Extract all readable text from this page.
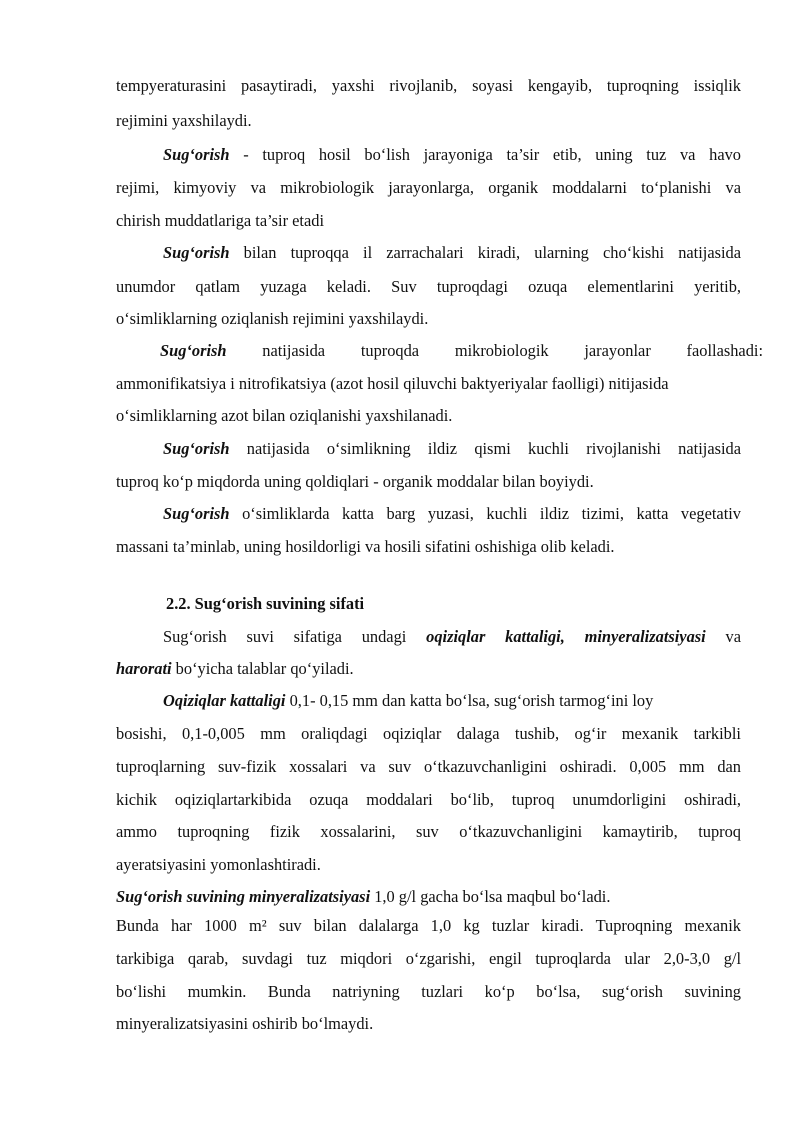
tempyeraturasini pasaytiradi, yaxshi rivojlanib, soyasi kengayib, tuproqning issiqlik
rejimini yaxshilaydi.
Sug‘orish - tuproq hosil bo‘lish jarayoniga ta’sir etib, uning tuz va havo
rejimi, kimyoviy va mikrobiologik jarayonlarga, organik moddalarni to‘planishi va
chirish muddatlariga ta’sir etadi
Sug‘orish bilan tuproqqa il zarrachalari kiradi, ularning cho‘kishi natijasida
unumdor qatlam yuzaga keladi. Suv tuproqdagi ozuqa elementlarini yeritib,
o‘simliklarning oziqlanish rejimini yaxshilaydi.
Sug‘orish natijasida tuproqda mikrobiologik jarayonlar faollashadi:
ammonifikatsiya i nitrofikatsiya (azot hosil qiluvchi baktyeriyalar faolligi) nitijasida
o‘simliklarning azot bilan oziqlanishi yaxshilanadi.
Sug‘orish natijasida o‘simlikning ildiz qismi kuchli rivojlanishi natijasida
tuproq ko‘p miqdorda uning qoldiqlari - organik moddalar bilan boyiydi.
Sug‘orish o‘simliklarda katta barg yuzasi, kuchli ildiz tizimi, katta vegetativ
massani ta’minlab, uning hosildorligi va hosili sifatini oshishiga olib keladi.
2.2. Sug‘orish suvining sifati
Sug‘orish suvi sifatiga undagi oqiziqlar kattaligi, minyeralizatsiyasi va
harorati bo‘yicha talablar qo‘yiladi.
Oqiziqlar kattaligi 0,1- 0,15 mm dan katta bo‘lsa, sug‘orish tarmog‘ini loy
bosishi, 0,1-0,005 mm oraliqdagi oqiziqlar dalaga tushib, og‘ir mexanik tarkibli
tuproqlarning suv-fizik xossalari va suv o‘tkazuvchanligini oshiradi. 0,005 mm dan
kichik oqiziqlartarkibida ozuqa moddalari bo‘lib, tuproq unumdorligini oshiradi,
ammo tuproqning fizik xossalarini, suv o‘tkazuvchanligini kamaytirib, tuproq
ayeratsiyasini yomonlashtiradi.
Sug‘orish suvining minyeralizatsiyasi 1,0 g/l gacha bo‘lsa maqbul bo‘ladi.
Bunda har 1000 m² suv bilan dalalarga 1,0 kg tuzlar kiradi. Tuproqning mexanik
tarkibiga qarab, suvdagi tuz miqdori o‘zgarishi, engil tuproqlarda ular 2,0-3,0 g/l
bo‘lishi mumkin. Bunda natriyning tuzlari ko‘p bo‘lsa, sug‘orish suvining
minyeralizatsiyasini oshirib bo‘lmaydi.
